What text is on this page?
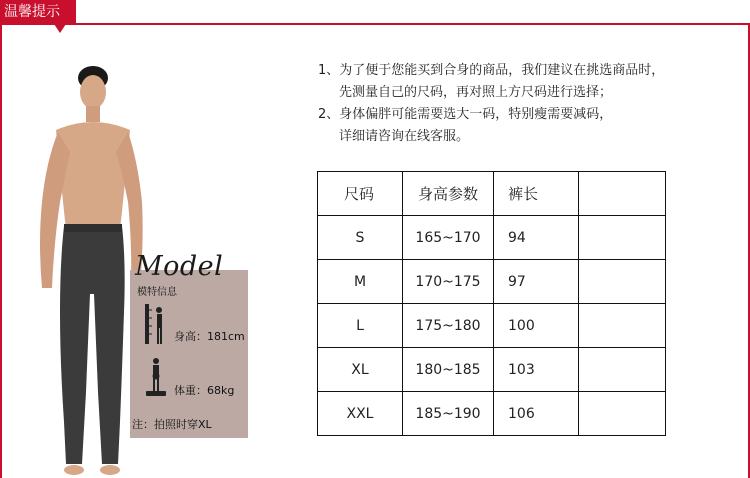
温馨提示
1、为了便于您能买到合身的商品，我们建议在挑选商品时，
先测量自己的尺码，再对照上方尺码进行选择；
2、身体偏胖可能需要选大一码，特别瘦需要减码，
详细请咨询在线客服。
尺码	身高参数	裤长	
S	165~170	94	
M	170~175	97	
L	175~180	100	
XL	180~185	103	
XXL	185~190	106	
Model
模特信息
身高：181cm
体重：68kg
注：拍照时穿XL
